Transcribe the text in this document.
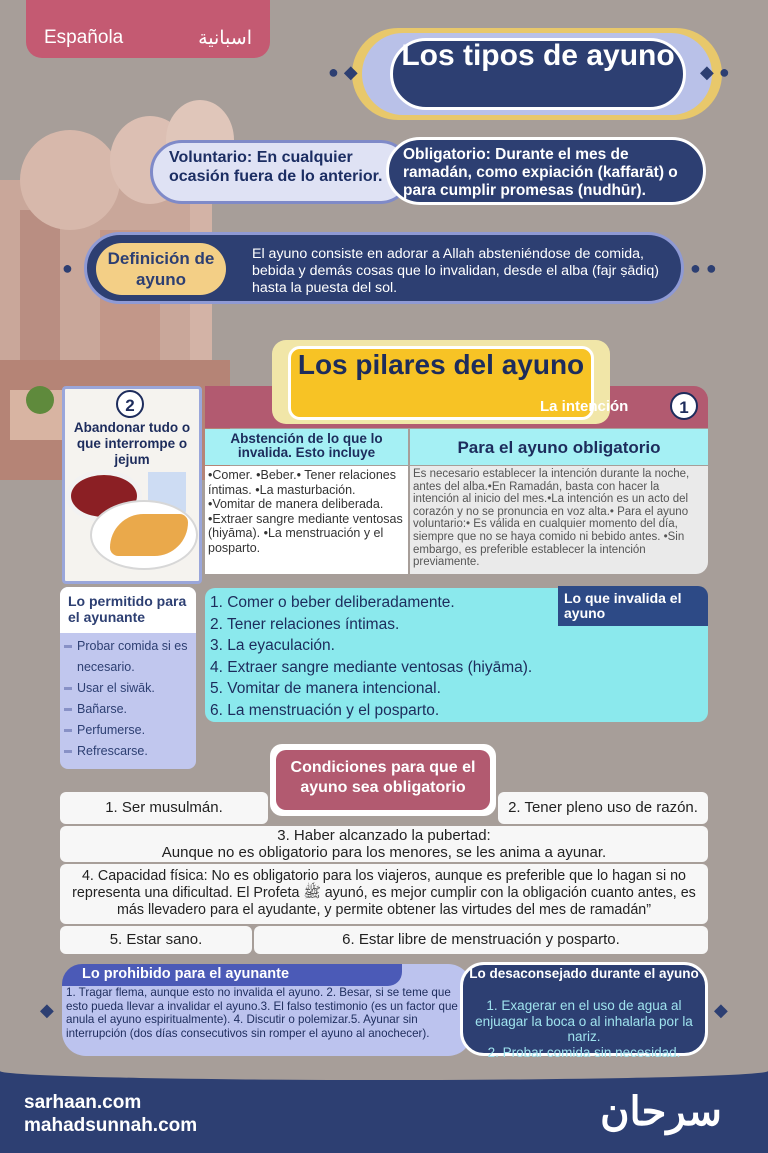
Española	اسبانية
Los tipos de ayuno
● ◆	◆ ●
Voluntario: En cualquier ocasión fuera de lo anterior.
Obligatorio: Durante el mes de ramadán, como expiación (kaffarāt) o para cumplir promesas (nudhūr).
●	● ●
Definición de ayuno
El ayuno consiste en adorar a Allah absteniéndose de comida, bebida y demás cosas que lo invalidan, desde el alba (fajr ṣādiq) hasta la puesta del sol.
Los pilares del ayuno
La intención	1
Abstención de lo que lo invalida. Esto incluye	Para el ayuno obligatorio
•Comer. •Beber.• Tener relaciones íntimas. •La masturbación. •Vomitar de manera deliberada. •Extraer sangre mediante ventosas (hiyāma). •La menstruación y el posparto.
Es necesario establecer la intención durante la noche, antes del alba.•En Ramadán, basta con hacer la intención al inicio del mes.•La intención es un acto del corazón y no se pronuncia en voz alta.• Para el ayuno voluntario:• Es válida en cualquier momento del día, siempre que no se haya comido ni bebido antes. •Sin embargo, es preferible establecer la intención previamente.
2
Abandonar tudo o que interrompe o jejum
Lo permitido para el ayunante
Probar comida si es
necesario.
Usar el siwāk.
Bañarse.
Perfumerse.
Refrescarse.
1. Comer o beber deliberadamente.
2. Tener relaciones íntimas.
3. La eyaculación.
4. Extraer sangre mediante ventosas (hiyāma).
5. Vomitar de manera intencional.
6. La menstruación y el posparto.
Lo que invalida el ayuno
1. Ser musulmán.	2. Tener pleno uso de razón.
3. Haber alcanzado la pubertad:
Aunque no es obligatorio para los menores, se les anima a ayunar.
4. Capacidad física: No es obligatorio para los viajeros, aunque es preferible que lo hagan si no representa una dificultad. El Profeta ﷺ ayunó, es mejor cumplir con la obligación cuanto antes, es más llevadero para el ayudante, y permite obtener las virtudes del mes de ramadán”
5. Estar sano.	6. Estar libre de menstruación y posparto.
Condiciones para que el ayuno sea obligatorio
◆	◆
Lo prohibido para el ayunante
1. Tragar flema, aunque esto no invalida el ayuno. 2. Besar, si se teme que esto pueda llevar a invalidar el ayuno.3. El falso testimonio (es un factor que anula el ayuno espiritualmente). 4. Discutir o polemizar.5. Ayunar sin interrupción (dos días consecutivos sin romper el ayuno al anochecer).
Lo desaconsejado durante el ayuno
1. Exagerar en el uso de agua al enjuagar la boca o al inhalarla por la nariz.
2. Probar comida sin necesidad.
sarhaan.com
mahadsunnah.com	سرحان
